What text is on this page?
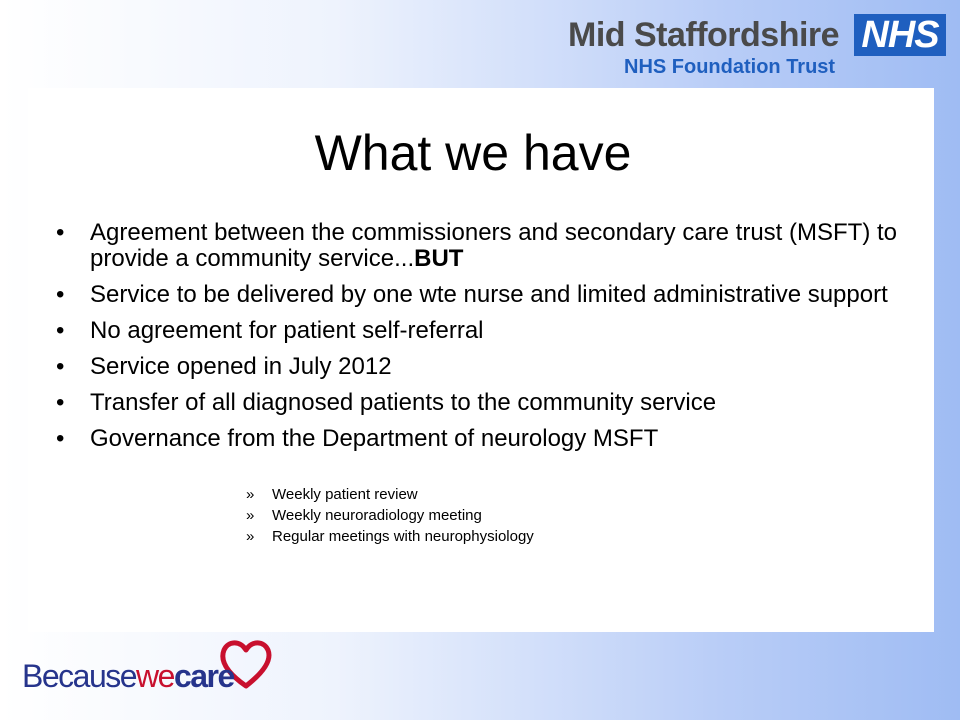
Mid Staffordshire NHS
NHS Foundation Trust
What we have
• Agreement between the commissioners and secondary care trust (MSFT) to provide a community service...BUT
• Service to be delivered by one wte nurse and limited administrative support
• No agreement for patient self-referral
• Service opened in July 2012
• Transfer of all diagnosed patients to the community service
• Governance from the Department of neurology MSFT
» Weekly patient review
» Weekly neuroradiology meeting
» Regular meetings with neurophysiology
Becausewecare
